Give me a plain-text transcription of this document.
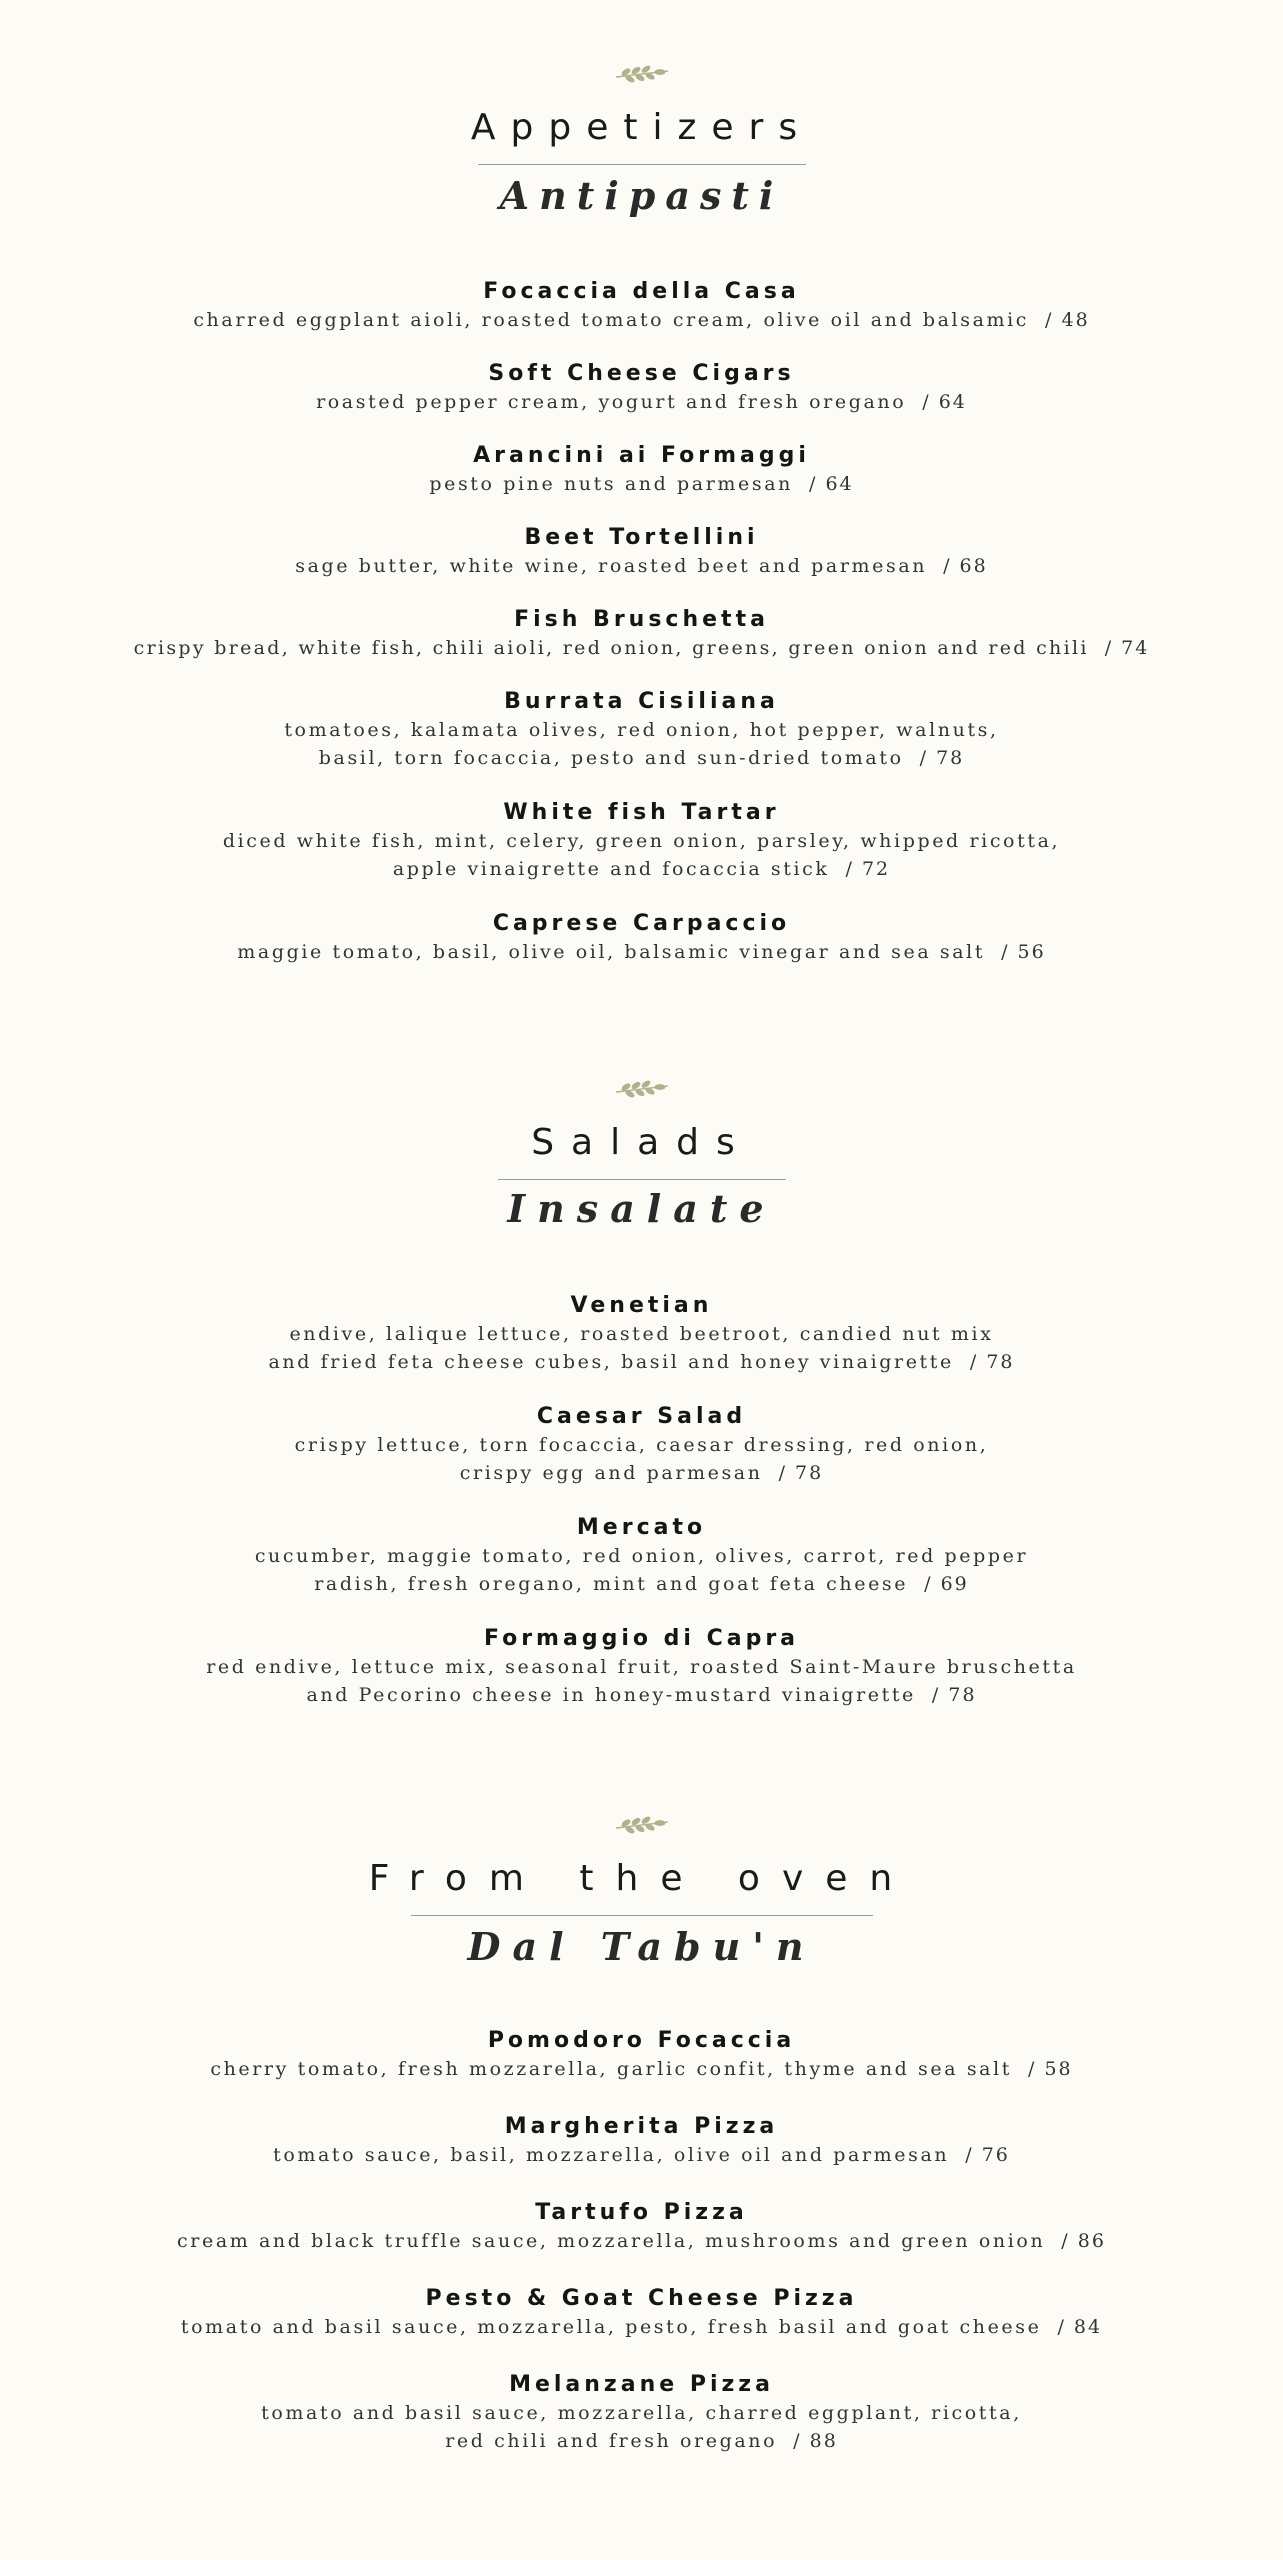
Appetizers
Antipasti
Focaccia della Casa
charred eggplant aioli, roasted tomato cream, olive oil and balsamic / 48
Soft Cheese Cigars
roasted pepper cream, yogurt and fresh oregano / 64
Arancini ai Formaggi
pesto pine nuts and parmesan / 64
Beet Tortellini
sage butter, white wine, roasted beet and parmesan / 68
Fish Bruschetta
crispy bread, white fish, chili aioli, red onion, greens, green onion and red chili / 74
Burrata Cisiliana
tomatoes, kalamata olives, red onion, hot pepper, walnuts,
basil, torn focaccia, pesto and sun-dried tomato / 78
White fish Tartar
diced white fish, mint, celery, green onion, parsley, whipped ricotta,
apple vinaigrette and focaccia stick / 72
Caprese Carpaccio
maggie tomato, basil, olive oil, balsamic vinegar and sea salt / 56
Salads
Insalate
Venetian
endive, lalique lettuce, roasted beetroot, candied nut mix
and fried feta cheese cubes, basil and honey vinaigrette / 78
Caesar Salad
crispy lettuce, torn focaccia, caesar dressing, red onion,
crispy egg and parmesan / 78
Mercato
cucumber, maggie tomato, red onion, olives, carrot, red pepper
radish, fresh oregano, mint and goat feta cheese / 69
Formaggio di Capra
red endive, lettuce mix, seasonal fruit, roasted Saint-Maure bruschetta
and Pecorino cheese in honey-mustard vinaigrette / 78
From the oven
Dal Tabu'n
Pomodoro Focaccia
cherry tomato, fresh mozzarella, garlic confit, thyme and sea salt / 58
Margherita Pizza
tomato sauce, basil, mozzarella, olive oil and parmesan / 76
Tartufo Pizza
cream and black truffle sauce, mozzarella, mushrooms and green onion / 86
Pesto & Goat Cheese Pizza
tomato and basil sauce, mozzarella, pesto, fresh basil and goat cheese / 84
Melanzane Pizza
tomato and basil sauce, mozzarella, charred eggplant, ricotta,
red chili and fresh oregano / 88
